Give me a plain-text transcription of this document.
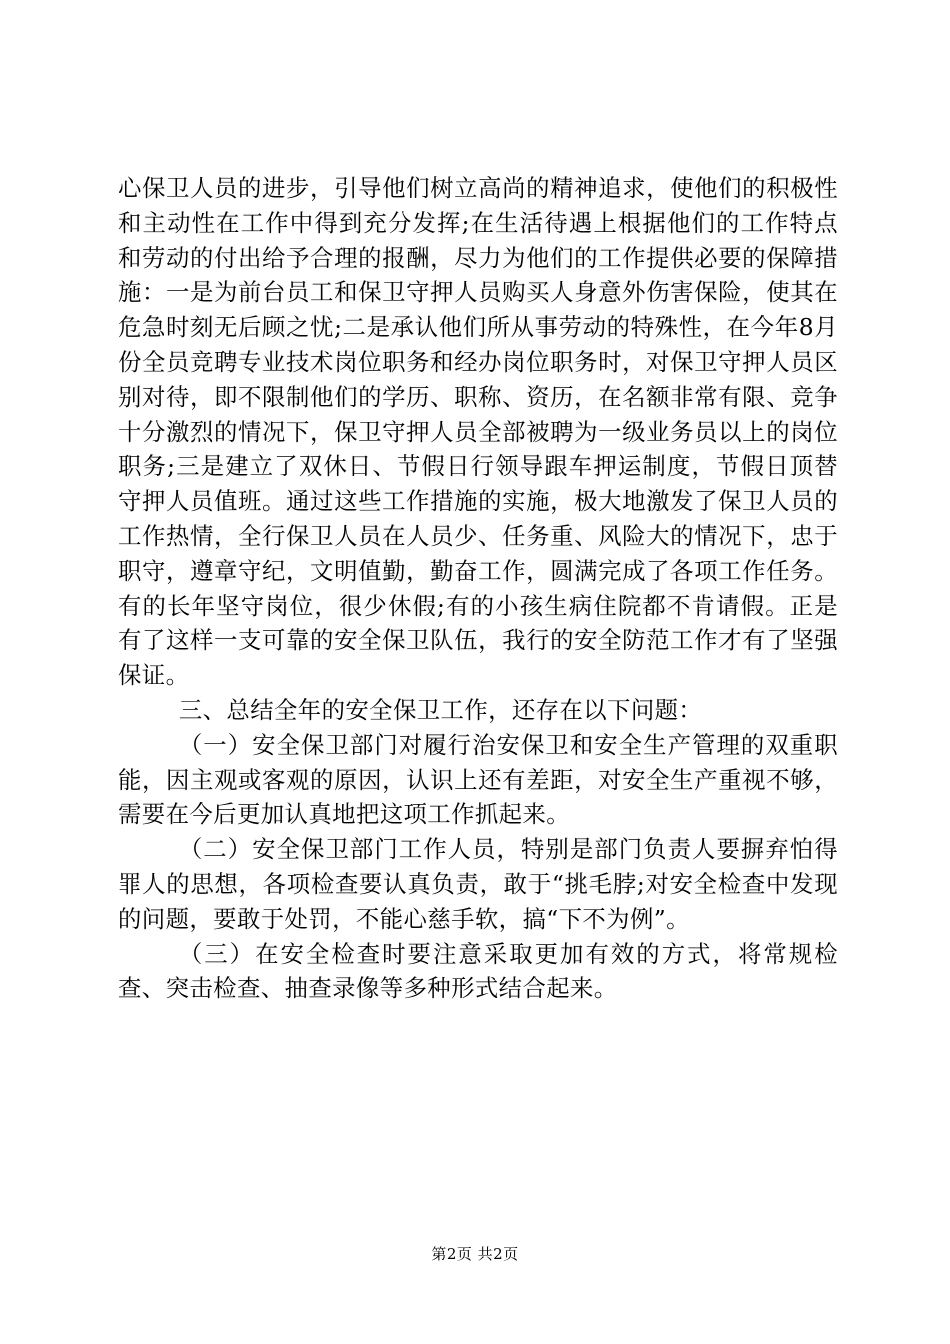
心保卫人员的进步，引导他们树立高尚的精神追求，使他们的积极性和主动性在工作中得到充分发挥;在生活待遇上根据他们的工作特点和劳动的付出给予合理的报酬，尽力为他们的工作提供必要的保障措施：一是为前台员工和保卫守押人员购买人身意外伤害保险，使其在危急时刻无后顾之忧;二是承认他们所从事劳动的特殊性，在今年8月份全员竞聘专业技术岗位职务和经办岗位职务时，对保卫守押人员区别对待，即不限制他们的学历、职称、资历，在名额非常有限、竞争十分激烈的情况下，保卫守押人员全部被聘为一级业务员以上的岗位职务;三是建立了双休日、节假日行领导跟车押运制度，节假日顶替守押人员值班。通过这些工作措施的实施，极大地激发了保卫人员的工作热情，全行保卫人员在人员少、任务重、风险大的情况下，忠于职守，遵章守纪，文明值勤，勤奋工作，圆满完成了各项工作任务。有的长年坚守岗位，很少休假;有的小孩生病住院都不肯请假。正是有了这样一支可靠的安全保卫队伍，我行的安全防范工作才有了坚强保证。

三、总结全年的安全保卫工作，还存在以下问题：

（一）安全保卫部门对履行治安保卫和安全生产管理的双重职能，因主观或客观的原因，认识上还有差距，对安全生产重视不够，需要在今后更加认真地把这项工作抓起来。

（二）安全保卫部门工作人员，特别是部门负责人要摒弃怕得罪人的思想，各项检查要认真负责，敢于“挑毛脖;对安全检查中发现的问题，要敢于处罚，不能心慈手软，搞“下不为例”。

（三）在安全检查时要注意采取更加有效的方式，将常规检查、突击检查、抽查录像等多种形式结合起来。

第2页 共2页
